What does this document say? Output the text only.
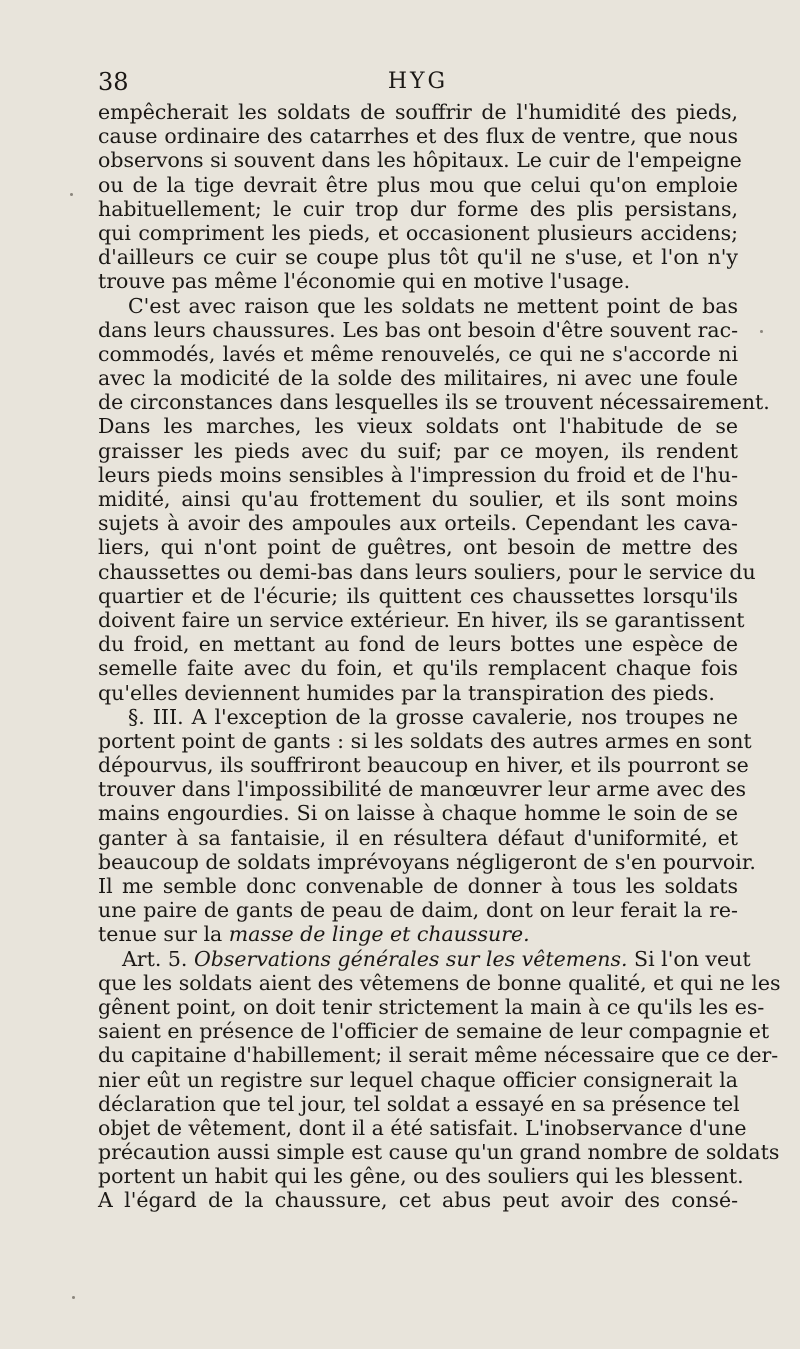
38	HYG
empêcherait les soldats de souffrir de l'humidité des pieds,
cause ordinaire des catarrhes et des flux de ventre, que nous
observons si souvent dans les hôpitaux. Le cuir de l'empeigne
ou de la tige devrait être plus mou que celui qu'on emploie
habituellement; le cuir trop dur forme des plis persistans,
qui compriment les pieds, et occasionent plusieurs accidens;
d'ailleurs ce cuir se coupe plus tôt qu'il ne s'use, et l'on n'y
trouve pas même l'économie qui en motive l'usage.
C'est avec raison que les soldats ne mettent point de bas
dans leurs chaussures. Les bas ont besoin d'être souvent rac-
commodés, lavés et même renouvelés, ce qui ne s'accorde ni
avec la modicité de la solde des militaires, ni avec une foule
de circonstances dans lesquelles ils se trouvent nécessairement.
Dans les marches, les vieux soldats ont l'habitude de se
graisser les pieds avec du suif; par ce moyen, ils rendent
leurs pieds moins sensibles à l'impression du froid et de l'hu-
midité, ainsi qu'au frottement du soulier, et ils sont moins
sujets à avoir des ampoules aux orteils. Cependant les cava-
liers, qui n'ont point de guêtres, ont besoin de mettre des
chaussettes ou demi-bas dans leurs souliers, pour le service du
quartier et de l'écurie; ils quittent ces chaussettes lorsqu'ils
doivent faire un service extérieur. En hiver, ils se garantissent
du froid, en mettant au fond de leurs bottes une espèce de
semelle faite avec du foin, et qu'ils remplacent chaque fois
qu'elles deviennent humides par la transpiration des pieds.
§. III. A l'exception de la grosse cavalerie, nos troupes ne
portent point de gants : si les soldats des autres armes en sont
dépourvus, ils souffriront beaucoup en hiver, et ils pourront se
trouver dans l'impossibilité de manœuvrer leur arme avec des
mains engourdies. Si on laisse à chaque homme le soin de se
ganter à sa fantaisie, il en résultera défaut d'uniformité, et
beaucoup de soldats imprévoyans négligeront de s'en pourvoir.
Il me semble donc convenable de donner à tous les soldats
une paire de gants de peau de daim, dont on leur ferait la re-
tenue sur la masse de linge et chaussure.
Art. 5. Observations générales sur les vêtemens. Si l'on veut
que les soldats aient des vêtemens de bonne qualité, et qui ne les
gênent point, on doit tenir strictement la main à ce qu'ils les es-
saient en présence de l'officier de semaine de leur compagnie et
du capitaine d'habillement; il serait même nécessaire que ce der-
nier eût un registre sur lequel chaque officier consignerait la
déclaration que tel jour, tel soldat a essayé en sa présence tel
objet de vêtement, dont il a été satisfait. L'inobservance d'une
précaution aussi simple est cause qu'un grand nombre de soldats
portent un habit qui les gêne, ou des souliers qui les blessent.
A l'égard de la chaussure, cet abus peut avoir des consé-
